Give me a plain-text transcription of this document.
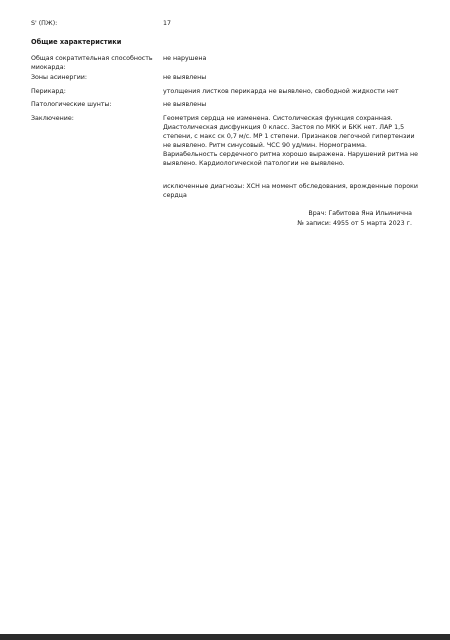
S' (ПЖ):	17
Общие характеристики
Общая сократительная способность миокарда:
не нарушена
Зоны асинергии:	не выявлены
Перикард:	утолщения листков перикарда не выявлено, свободной жидкости нет
Патологические шунты:	не выявлены
Заключение:	Геометрия сердца не изменена. Систолическая функция сохранная.

Диастолическая дисфункция 0 класс. Застоя по МКК и БКК нет. ЛАР 1,5

степени, с макс ск 0,7 м/с. МР 1 степени. Признаков легочной гипертензии

не выявлено. Ритм синусовый. ЧСС 90 уд/мин. Нормограмма.

Вариабельность сердечного ритма хорошо выражена. Нарушений ритма не

выявлено. Кардиологической патологии не выявлено.

исключенные диагнозы: ХСН на момент обследования, врожденные пороки
сердца
Врач: Габитова Яна Ильинична
№ записи: 4955 от 5 марта 2023 г.
